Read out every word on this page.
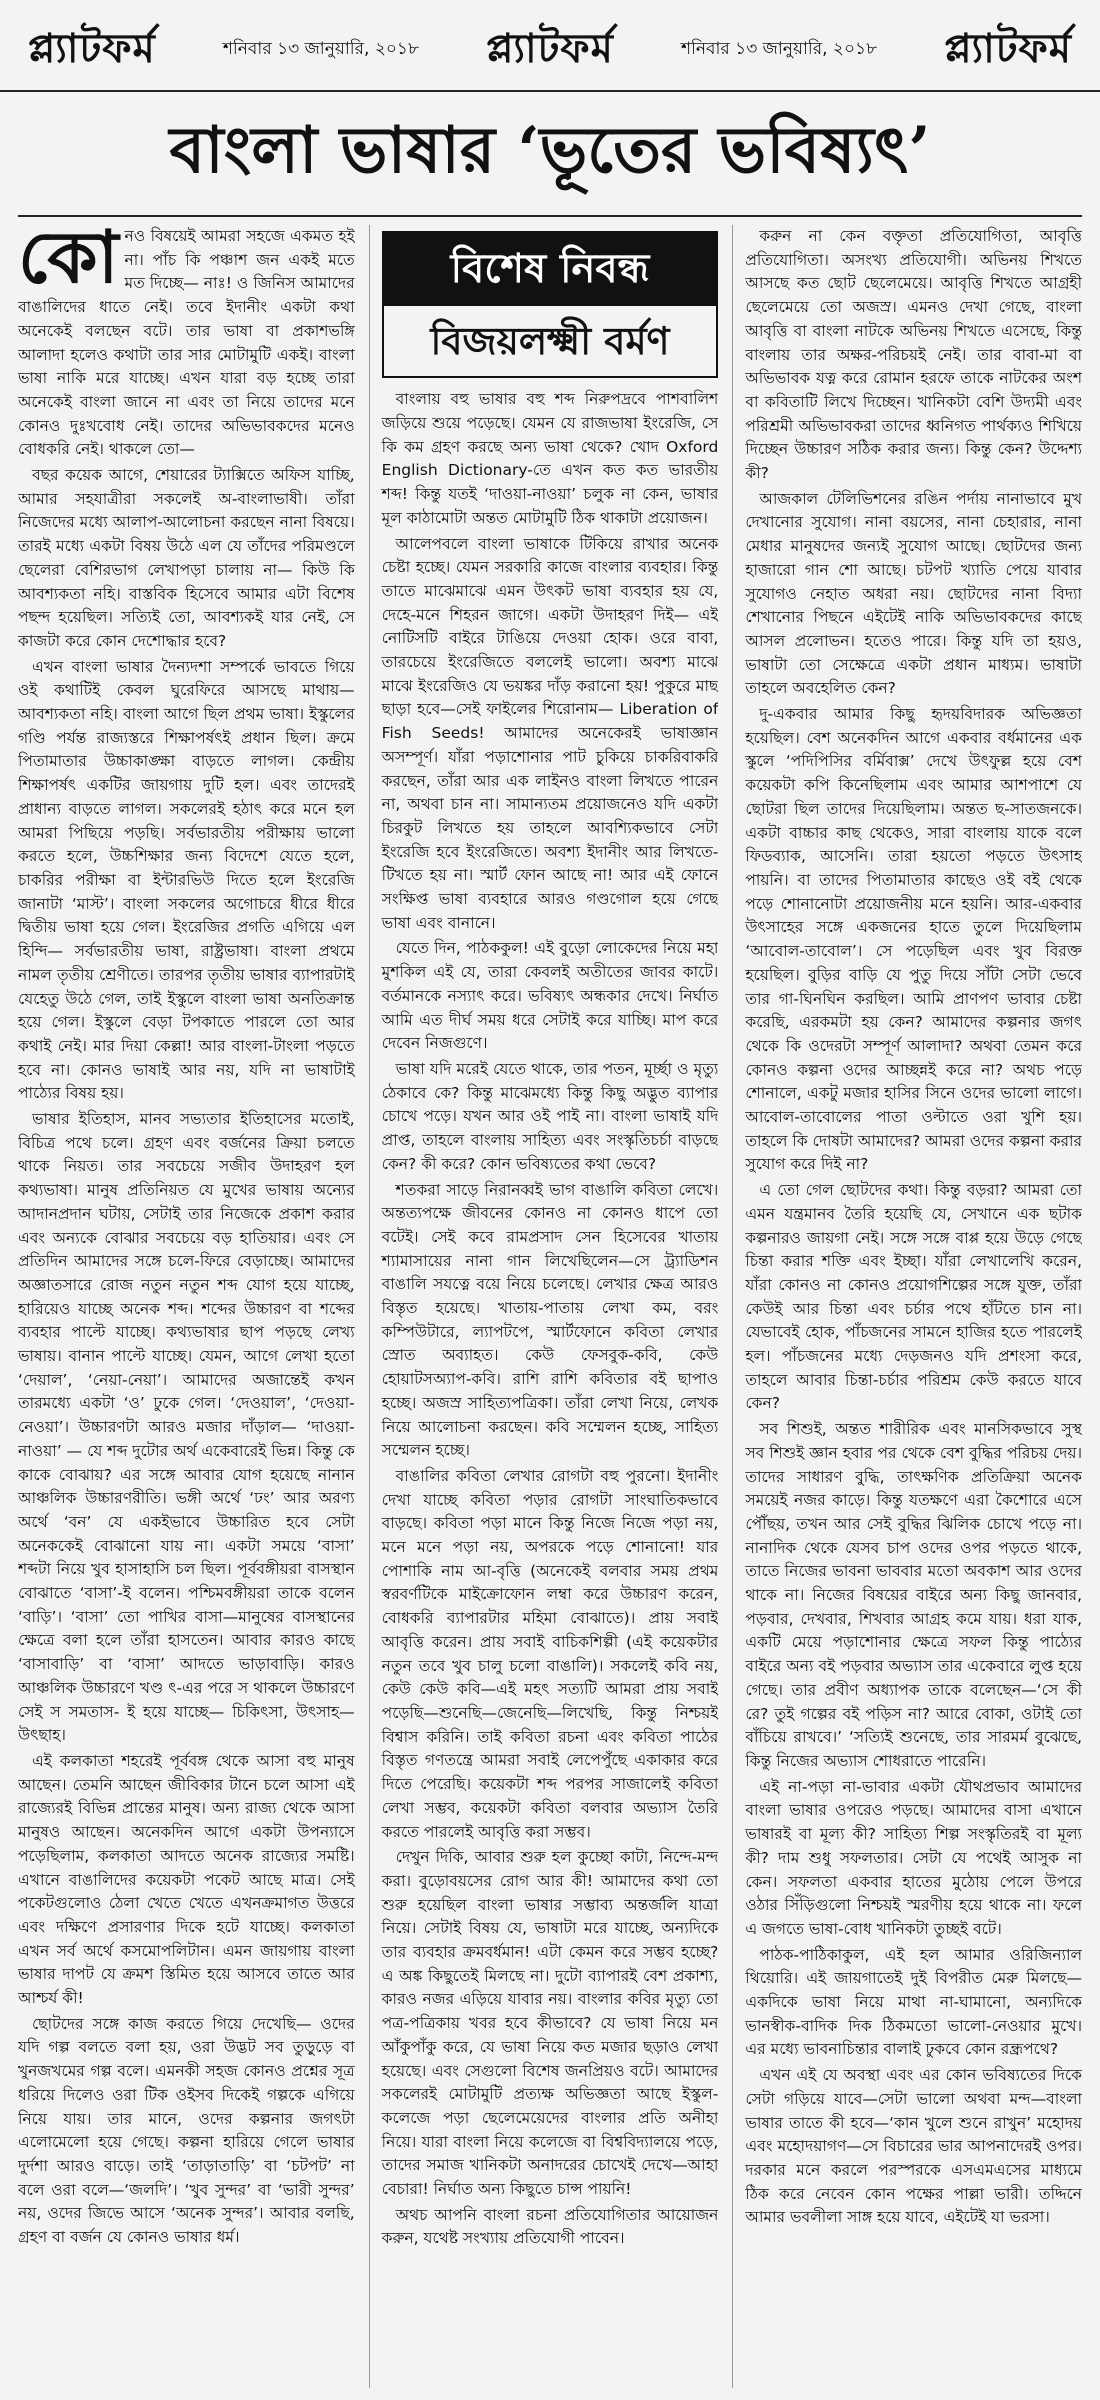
প্ল্যাটফর্ম	শনিবার ১৩ জানুয়ারি, ২০১৮ প্ল্যাটফর্ম	শনিবার ১৩ জানুয়ারি, ২০১৮ প্ল্যাটফর্ম
বাংলা ভাষার ‘ভূতের ভবিষ্যৎ’
কো নও বিষয়েই আমরা সহজে একমত হই না। পাঁচ কি পঞ্চাশ জন একই মতে মত দিচ্ছে— নাঃ! ও জিনিস আমাদের বাঙালিদের ধাতে নেই। তবে ইদানীং একটা কথা অনেকেই বলছেন বটে। তার ভাষা বা প্রকাশভঙ্গি আলাদা হলেও কথাটা তার সার মোটামুটি একই। বাংলা ভাষা নাকি মরে যাচ্ছে। এখন যারা বড় হচ্ছে তারা অনেকেই বাংলা জানে না এবং তা নিয়ে তাদের মনে কোনও দুঃখবোধ নেই। তাদের অভিভাবকদের মনেও বোধকরি নেই। থাকলে তো—

বছর কয়েক আগে, শেয়ারের ট্যাক্সিতে অফিস যাচ্ছি, আমার সহযাত্রীরা সকলেই অ-বাংলাভাষী। তাঁরা নিজেদের মধ্যে আলাপ-আলোচনা করছেন নানা বিষয়ে। তারই মধ্যে একটা বিষয় উঠে এল যে তাঁদের পরিমণ্ডলে ছেলেরা বেশিরভাগ লেখাপড়া চালায় না— কিউ কি আবশ্যকতা নহি। বাস্তবিক হিসেবে আমার এটা বিশেষ পছন্দ হয়েছিল। সত্যিই তো, আবশ্যকই যার নেই, সে কাজটা করে কোন দেশোদ্ধার হবে?

এখন বাংলা ভাষার দৈন্যদশা সম্পর্কে ভাবতে গিয়ে ওই কথাটিই কেবল ঘুরেফিরে আসছে মাথায়— আবশ্যকতা নহি। বাংলা আগে ছিল প্রথম ভাষা। ইস্কুলের গণ্ডি পর্যন্ত রাজ্যস্তরে শিক্ষাপর্ষৎই প্রধান ছিল। ক্রমে পিতামাতার উচ্চাকাঙ্ক্ষা বাড়তে লাগল। কেন্দ্রীয় শিক্ষাপর্ষৎ একটির জায়গায় দুটি হল। এবং তাদেরই প্রাধান্য বাড়তে লাগল। সকলেরই হঠাৎ করে মনে হল আমরা পিছিয়ে পড়ছি। সর্বভারতীয় পরীক্ষায় ভালো করতে হলে, উচ্চশিক্ষার জন্য বিদেশে যেতে হলে, চাকরির পরীক্ষা বা ইন্টারভিউ দিতে হলে ইংরেজি জানাটা ‘মাস্ট’। বাংলা সকলের অগোচরে ধীরে ধীরে দ্বিতীয় ভাষা হয়ে গেল। ইংরেজির প্রগতি এগিয়ে এল হিন্দি— সর্বভারতীয় ভাষা, রাষ্ট্রভাষা। বাংলা প্রথমে নামল তৃতীয় শ্রেণীতে। তারপর তৃতীয় ভাষার ব্যাপারটাই যেহেতু উঠে গেল, তাই ইস্কুলে বাংলা ভাষা অনতিক্রান্ত হয়ে গেল। ইস্কুলে বেড়া টপকাতে পারলে তো আর কথাই নেই। মার দিয়া কেল্লা! আর বাংলা-টাংলা পড়তে হবে না। কোনও ভাষাই আর নয়, যদি না ভাষাটাই পাঠ্যের বিষয় হয়।

ভাষার ইতিহাস, মানব সভ্যতার ইতিহাসের মতোই, বিচিত্র পথে চলে। গ্রহণ এবং বর্জনের ক্রিয়া চলতে থাকে নিয়ত। তার সবচেয়ে সজীব উদাহরণ হল কথ্যভাষা। মানুষ প্রতিনিয়ত যে মুখের ভাষায় অন্যের আদানপ্রদান ঘটায়, সেটাই তার নিজেকে প্রকাশ করার এবং অন্যকে বোঝার সবচেয়ে বড় হাতিয়ার। এবং সে প্রতিদিন আমাদের সঙ্গে চলে-ফিরে বেড়াচ্ছে। আমাদের অজ্ঞাতসারে রোজ নতুন নতুন শব্দ যোগ হয়ে যাচ্ছে, হারিয়েও যাচ্ছে অনেক শব্দ। শব্দের উচ্চারণ বা শব্দের ব্যবহার পাল্টে যাচ্ছে। কথ্যভাষার ছাপ পড়ছে লেখ্য ভাষায়। বানান পাল্টে যাচ্ছে। যেমন, আগে লেখা হতো ‘দেয়াল’, ‘নেয়া-নেয়া’। আমাদের অজান্তেই কখন তারমধ্যে একটা ‘ও’ ঢুকে গেল। ‘দেওয়াল’, ‘দেওয়া-নেওয়া’। উচ্চারণটা আরও মজার দাঁড়াল— ‘দাওয়া-নাওয়া’ — যে শব্দ দুটোর অর্থ একেবারেই ভিন্ন। কিন্তু কে কাকে বোঝায়? এর সঙ্গে আবার যোগ হয়েছে নানান আঞ্চলিক উচ্চারণরীতি। ভঙ্গী অর্থে ‘ঢং’ আর অরণ্য অর্থে ‘বন’ যে একইভাবে উচ্চারিত হবে সেটা অনেককেই বোঝানো যায় না। একটা সময়ে ‘বাসা’ শব্দটা নিয়ে খুব হাসাহাসি চল ছিল। পূর্ববঙ্গীয়রা বাসস্থান বোঝাতে ‘বাসা’-ই বলেন। পশ্চিমবঙ্গীয়রা তাকে বলেন ‘বাড়ি’। ‘বাসা’ তো পাখির বাসা—মানুষের বাসস্থানের ক্ষেত্রে বলা হলে তাঁরা হাসতেন। আবার কারও কাছে ‘বাসাবাড়ি’ বা ‘বাসা’ আদতে ভাড়াবাড়ি। কারও আঞ্চলিক উচ্চারণে খণ্ড ৎ-এর পরে স থাকলে উচ্চারণে সেই স সমতাস- ই হয়ে যাচ্ছে— চিকিৎসা, উৎসাহ—উৎছাহ।

এই কলকাতা শহরেই পূর্ববঙ্গ থেকে আসা বহু মানুষ আছেন। তেমনি আছেন জীবিকার টানে চলে আসা এই রাজ্যেরই বিভিন্ন প্রান্তের মানুষ। অন্য রাজ্য থেকে আসা মানুষও আছেন। অনেকদিন আগে একটা উপন্যাসে পড়েছিলাম, কলকাতা আদতে অনেক রাজ্যের সমষ্টি। এখানে বাঙালিদের কয়েকটা পকেট আছে মাত্র। সেই পকেটগুলোও ঠেলা খেতে খেতে এখনক্রমাগত উত্তরে এবং দক্ষিণে প্রসারণার দিকে হটে যাচ্ছে। কলকাতা এখন সর্ব অর্থে কসমোপলিটান। এমন জায়গায় বাংলা ভাষার দাপট যে ক্রমশ স্তিমিত হয়ে আসবে তাতে আর আশ্চর্য কী!

ছোটদের সঙ্গে কাজ করতে গিয়ে দেখেছি— ওদের যদি গল্প বলতে বলা হয়, ওরা উদ্ভট সব তুড়ুড়ে বা খুনজখমের গল্প বলে। এমনকী সহজ কোনও প্রশ্নের সূত্র ধরিয়ে দিলেও ওরা টিক ওইসব দিকেই গল্পকে এগিয়ে নিয়ে যায়। তার মানে, ওদের কল্পনার জগৎটা এলোমেলো হয়ে গেছে। কল্পনা হারিয়ে গেলে ভাষার দুর্দশা আরও বাড়ে। তাই ‘তাড়াতাড়ি’ বা ‘চটপট’ না বলে ওরা বলে—‘জলদি’। ‘খুব সুন্দর’ বা ‘ভারী সুন্দর’ নয়, ওদের জিভে আসে ‘অনেক সুন্দর’। আবার বলছি, গ্রহণ বা বর্জন যে কোনও ভাষার ধর্ম।

বিশেষ নিবন্ধ
বিজয়লক্ষ্মী বর্মণ

বাংলায় বহু ভাষার বহু শব্দ নিরুপদ্রবে পাশবালিশ জড়িয়ে শুয়ে পড়েছে। যেমন যে রাজভাষা ইংরেজি, সে কি কম গ্রহণ করছে অন্য ভাষা থেকে? খোদ Oxford English Dictionary-তে এখন কত কত ভারতীয় শব্দ! কিন্তু যতই ‘দাওয়া-নাওয়া’ চলুক না কেন, ভাষার মূল কাঠামোটা অন্তত মোটামুটি ঠিক থাকাটা প্রয়োজন।

আলেপবলে বাংলা ভাষাকে টিকিয়ে রাখার অনেক চেষ্টা হচ্ছে। যেমন সরকারি কাজে বাংলার ব্যবহার। কিন্তু তাতে মাঝেমাঝে এমন উৎকট ভাষা ব্যবহার হয় যে, দেহে-মনে শিহরন জাগে। একটা উদাহরণ দিই— এই নোটিসটি বাইরে টাঙিয়ে দেওয়া হোক। ওরে বাবা, তারচেয়ে ইংরেজিতে বললেই ভালো। অবশ্য মাঝে মাঝে ইংরেজিও যে ভয়ঙ্কর দাঁড় করানো হয়! পুকুরে মাছ ছাড়া হবে—সেই ফাইলের শিরোনাম— Liberation of Fish Seeds! আমাদের অনেকেরই ভাষাজ্ঞান অসম্পূর্ণ। যাঁরা পড়াশোনার পাট চুকিয়ে চাকরিবাকরি করছেন, তাঁরা আর এক লাইনও বাংলা লিখতে পারেন না, অথবা চান না। সামান্যতম প্রয়োজনেও যদি একটা চিরকুট লিখতে হয় তাহলে আবশ্যিকভাবে সেটা ইংরেজি হবে ইংরেজিতে। অবশ্য ইদানীং আর লিখতে-টিখতে হয় না। স্মার্ট ফোন আছে না! আর এই ফোনে সংক্ষিপ্ত ভাষা ব্যবহারে আরও গণ্ডগোল হয়ে গেছে ভাষা এবং বানানে।

যেতে দিন, পাঠককুল! এই বুড়ো লোকেদের নিয়ে মহা মুশকিল এই যে, তারা কেবলই অতীতের জাবর কাটে। বর্তমানকে নস্যাৎ করে। ভবিষ্যৎ অন্ধকার দেখে। নির্ঘাত আমি এত দীর্ঘ সময় ধরে সেটাই করে যাচ্ছি। মাপ করে দেবেন নিজগুণে।

ভাষা যদি মরেই যেতে থাকে, তার পতন, মূর্চ্ছা ও মৃত্যু ঠেকাবে কে? কিন্তু মাঝেমধ্যে কিন্তু কিছু অদ্ভুত ব্যাপার চোখে পড়ে। যখন আর ওই পাই না। বাংলা ভাষাই যদি প্রাপ্ত, তাহলে বাংলায় সাহিত্য এবং সংস্কৃতিচর্চা বাড়ছে কেন? কী করে? কোন ভবিষ্যতের কথা ভেবে?

শতকরা সাড়ে নিরানব্বই ভাগ বাঙালি কবিতা লেখে। অন্তত্যপক্ষে জীবনের কোনও না কোনও ধাপে তো বটেই। সেই কবে রামপ্রসাদ সেন হিসেবের খাতায় শ্যামাসায়ের নানা গান লিখেছিলেন—সে ট্র্যাডিশন বাঙালি সযত্নে বয়ে নিয়ে চলেছে। লেখার ক্ষেত্র আরও বিস্তৃত হয়েছে। খাতায়-পাতায় লেখা কম, বরং কম্পিউটারে, ল্যাপটপে, স্মার্টফোনে কবিতা লেখার স্রোত অব্যাহত। কেউ ফেসবুক-কবি, কেউ হোয়াটসঅ্যাপ-কবি। রাশি রাশি কবিতার বই ছাপাও হচ্ছে। অজস্র সাহিত্যপত্রিকা। তাঁরা লেখা নিয়ে, লেখক নিয়ে আলোচনা করছেন। কবি সম্মেলন হচ্ছে, সাহিত্য সম্মেলন হচ্ছে।

বাঙালির কবিতা লেখার রোগটা বহু পুরনো। ইদানীং দেখা যাচ্ছে কবিতা পড়ার রোগটা সাংঘাতিকভাবে বাড়ছে। কবিতা পড়া মানে কিন্তু নিজে নিজে পড়া নয়, মনে মনে পড়া নয়, অপরকে পড়ে শোনানো! যার পোশাকি নাম আ-বৃত্তি (অনেকেই বলবার সময় প্রথম স্বরবর্ণটিকে মাইক্রোফোন লম্বা করে উচ্চারণ করেন, বোধকরি ব্যাপারটার মহিমা বোঝাতে)। প্রায় সবাই আবৃত্তি করেন। প্রায় সবাই বাচিকশিল্পী (এই কয়েকটার নতুন তবে খুব চালু চলো বাঙালি)। সকলেই কবি নয়, কেউ কেউ কবি—এই মহৎ সত্যটি আমরা প্রায় সবাই পড়েছি—শুনেছি—জেনেছি—লিখেছি, কিন্তু নিশ্চয়ই বিশ্বাস করিনি। তাই কবিতা রচনা এবং কবিতা পাঠের বিস্তৃত গণতন্ত্রে আমরা সবাই লেপেপুঁছে একাকার করে দিতে পেরেছি। কয়েকটা শব্দ পরপর সাজালেই কবিতা লেখা সম্ভব, কয়েকটা কবিতা বলবার অভ্যাস তৈরি করতে পারলেই আবৃত্তি করা সম্ভব।

দেখুন দিকি, আবার শুরু হল কুচ্ছো কাটা, নিন্দে-মন্দ করা। বুড়োবয়সের রোগ আর কী! আমাদের কথা তো শুরু হয়েছিল বাংলা ভাষার সম্ভাব্য অন্তর্জলি যাত্রা নিয়ে। সেটাই বিষয় যে, ভাষাটা মরে যাচ্ছে, অন্যদিকে তার ব্যবহার ক্রমবর্ধমান! এটা কেমন করে সম্ভব হচ্ছে? এ অঙ্ক কিছুতেই মিলছে না। দুটো ব্যাপারই বেশ প্রকাশ্য, কারও নজর এড়িয়ে যাবার নয়। বাংলার কবির মৃত্যু তো পত্র-পত্রিকায় খবর হবে কীভাবে? যে ভাষা নিয়ে মন আঁকুপাঁকু করে, যে ভাষা নিয়ে কত মজার ছড়াও লেখা হয়েছে। এবং সেগুলো বিশেষ জনপ্রিয়ও বটে। আমাদের সকলেরই মোটামুটি প্রত্যক্ষ অভিজ্ঞতা আছে ইস্কুল-কলেজে পড়া ছেলেমেয়েদের বাংলার প্রতি অনীহা নিয়ে। যারা বাংলা নিয়ে কলেজে বা বিশ্ববিদ্যালয়ে পড়ে, তাদের সমাজ খানিকটা অনাদরের চোখেই দেখে—আহা বেচারা! নির্ঘাত অন্য কিছুতে চান্স পায়নি!

অথচ আপনি বাংলা রচনা প্রতিযোগিতার আয়োজন করুন, যথেষ্ট সংখ্যায় প্রতিযোগী পাবেন।

করুন না কেন বক্তৃতা প্রতিযোগিতা, আবৃত্তি প্রতিযোগিতা। অসংখ্য প্রতিযোগী। অভিনয় শিখতে আসছে কত ছোট ছেলেমেয়ে। আবৃত্তি শিখতে আগ্রহী ছেলেমেয়ে তো অজস্র। এমনও দেখা গেছে, বাংলা আবৃত্তি বা বাংলা নাটকে অভিনয় শিখতে এসেছে, কিন্তু বাংলায় তার অক্ষর-পরিচয়ই নেই। তার বাবা-মা বা অভিভাবক যত্ন করে রোমান হরফে তাকে নাটকের অংশ বা কবিতাটি লিখে দিচ্ছেন। খানিকটা বেশি উদ্যমী এবং পরিশ্রমী অভিভাবকরা তাদের ধ্বনিগত পার্থক্যও শিখিয়ে দিচ্ছেন উচ্চারণ সঠিক করার জন্য। কিন্তু কেন? উদ্দেশ্য কী?

আজকাল টেলিভিশনের রঙিন পর্দায় নানাভাবে মুখ দেখানোর সুযোগ। নানা বয়সের, নানা চেহারার, নানা মেধার মানুষদের জন্যই সুযোগ আছে। ছোটদের জন্য হাজারো গান শো আছে। চটপট খ্যাতি পেয়ে যাবার সুযোগও নেহাত অধরা নয়। ছোটদের নানা বিদ্যা শেখানোর পিছনে এইটেই নাকি অভিভাবকদের কাছে আসল প্রলোভন। হতেও পারে। কিন্তু যদি তা হয়ও, ভাষাটা তো সেক্ষেত্রে একটা প্রধান মাধ্যম। ভাষাটা তাহলে অবহেলিত কেন?

দু-একবার আমার কিছু হৃদয়বিদারক অভিজ্ঞতা হয়েছিল। বেশ অনেকদিন আগে একবার বর্ধমানের এক স্কুলে ‘পদিপিসির বর্মিবাক্স’ দেখে উৎফুল্ল হয়ে বেশ কয়েকটা কপি কিনেছিলাম এবং আমার আশপাশে যে ছোটরা ছিল তাদের দিয়েছিলাম। অন্তত ছ-সাতজনকে। একটা বাচ্চার কাছ থেকেও, সারা বাংলায় যাকে বলে ফিডব্যাক, আসেনি। তারা হয়তো পড়তে উৎসাহ পায়নি। বা তাদের পিতামাতার কাছেও ওই বই থেকে পড়ে শোনানোটা প্রয়োজনীয় মনে হয়নি। আর-একবার উৎসাহের সঙ্গে একজনের হাতে তুলে দিয়েছিলাম ‘আবোল-তাবোল’। সে পড়েছিল এবং খুব বিরক্ত হয়েছিল। বুড়ির বাড়ি যে পুতু দিয়ে সাঁটা সেটা ভেবে তার গা-ঘিনঘিন করছিল। আমি প্রাণপণ ভাবার চেষ্টা করেছি, এরকমটা হয় কেন? আমাদের কল্পনার জগৎ থেকে কি ওদেরটা সম্পূর্ণ আলাদা? অথবা তেমন করে কোনও কল্পনা ওদের আচ্ছন্নই করে না? অথচ পড়ে শোনালে, একটু মজার হাসির সিনে ওদের ভালো লাগে। আবোল-তাবোলের পাতা ওল্টাতে ওরা খুশি হয়। তাহলে কি দোষটা আমাদের? আমরা ওদের কল্পনা করার সুযোগ করে দিই না?

এ তো গেল ছোটদের কথা। কিন্তু বড়রা? আমরা তো এমন যন্ত্রমানব তৈরি হয়েছি যে, সেখানে এক ছটাক কল্পনারও জায়গা নেই। সঙ্গে সঙ্গে বাপ্প হয়ে উড়ে গেছে চিন্তা করার শক্তি এবং ইচ্ছা। যাঁরা লেখালেখি করেন, যাঁরা কোনও না কোনও প্রয়োগশিল্পের সঙ্গে যুক্ত, তাঁরা কেউই আর চিন্তা এবং চর্চার পথে হাঁটতে চান না। যেভাবেই হোক, পাঁচজনের সামনে হাজির হতে পারলেই হল। পাঁচজনের মধ্যে দেড়জনও যদি প্রশংসা করে, তাহলে আবার চিন্তা-চর্চার পরিশ্রম কেউ করতে যাবে কেন?

সব শিশুই, অন্তত শারীরিক এবং মানসিকভাবে সুস্থ সব শিশুই জ্ঞান হবার পর থেকে বেশ বুদ্ধির পরিচয় দেয়। তাদের সাধারণ বুদ্ধি, তাৎক্ষণিক প্রতিক্রিয়া অনেক সময়েই নজর কাড়ে। কিন্তু যতক্ষণে এরা কৈশোরে এসে পৌঁছয়, তখন আর সেই বুদ্ধির ঝিলিক চোখে পড়ে না। নানাদিক থেকে যেসব চাপ ওদের ওপর পড়তে থাকে, তাতে নিজের ভাবনা ভাববার মতো অবকাশ আর ওদের থাকে না। নিজের বিষয়ের বাইরে অন্য কিছু জানবার, পড়বার, দেখবার, শিখবার আগ্রহ কমে যায়। ধরা যাক, একটি মেয়ে পড়াশোনার ক্ষেত্রে সফল কিন্তু পাঠ্যের বাইরে অন্য বই পড়বার অভ্যাস তার একেবারে লুপ্ত হয়ে গেছে। তার প্রবীণ অধ্যাপক তাকে বলেছেন—‘সে কী রে? তুই গল্পের বই পড়িস না? আরে বোকা, ওটাই তো বাঁচিয়ে রাখবে।’ ‘সত্যিই শুনেছে, তার সারমর্ম বুঝেছে, কিন্তু নিজের অভ্যাস শোধরাতে পারেনি।

এই না-পড়া না-ভাবার একটা যৌথপ্রভাব আমাদের বাংলা ভাষার ওপরেও পড়ছে। আমাদের বাসা এখানে ভাষারই বা মূল্য কী? সাহিত্য শিল্প সংস্কৃতিরই বা মূল্য কী? দাম শুধু সফলতার। সেটা যে পথেই আসুক না কেন। সফলতা একবার হাতের মুঠোয় পেলে উপরে ওঠার সিঁড়িগুলো নিশ্চয়ই স্মরণীয় হয়ে থাকে না। ফলে এ জগতে ভাষা-বোধ খানিকটা তুচ্ছই বটে।

পাঠক-পাঠিকাকুল, এই হল আমার ওরিজিন্যাল থিয়োরি। এই জায়গাতেই দুই বিপরীত মেরু মিলছে— একদিকে ভাষা নিয়ে মাথা না-ঘামানো, অন্যদিকে ভানস্বীক-বাদিক দিক ঠিকমতো ভালো-নেওয়ার মুখে। এর মধ্যে ভাবনাচিন্তার বালাই ঢুকবে কোন রন্ধ্রপথে?

এখন এই যে অবস্থা এবং এর কোন ভবিষ্যতের দিকে সেটা গড়িয়ে যাবে—সেটা ভালো অথবা মন্দ—বাংলা ভাষার তাতে কী হবে—‘কান খুলে শুনে রাখুন’ মহোদয় এবং মহোদয়াগণ—সে বিচারের ভার আপনাদেরই ওপর। দরকার মনে করলে পরস্পরকে এসএমএসের মাধ্যমে ঠিক করে নেবেন কোন পক্ষের পাল্লা ভারী। তদ্দিনে আমার ভবলীলা সাঙ্গ হয়ে যাবে, এইটেই যা ভরসা।
